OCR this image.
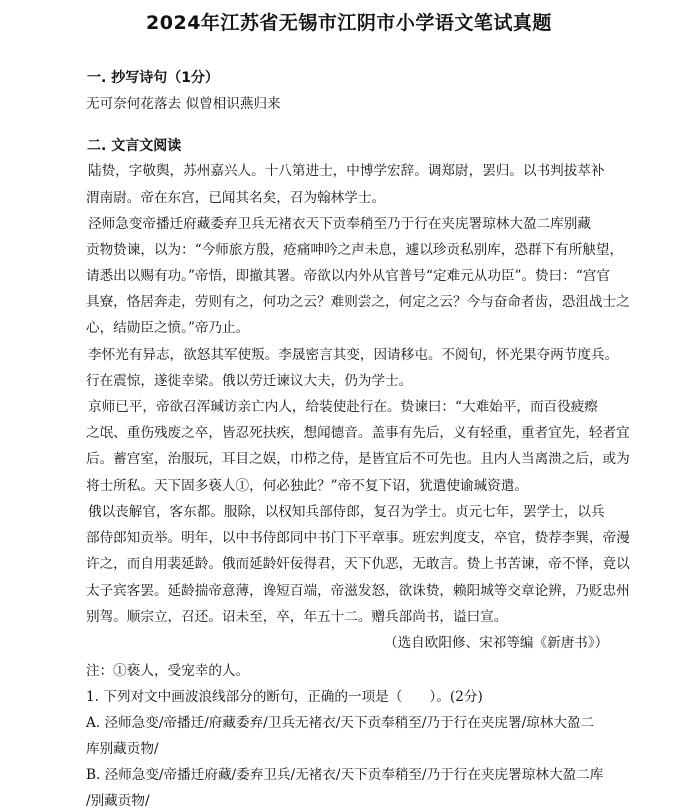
2024年江苏省无锡市江阴市小学语文笔试真题
一. 抄写诗句（1分）
无可奈何花落去 似曾相识燕归来
二. 文言文阅读
陆贽，字敬舆，苏州嘉兴人。十八第进士，中博学宏辞。调郑尉，罢归。以书判拔萃补
渭南尉。帝在东宫，已闻其名矣，召为翰林学士。
泾师急变帝播迁府藏委弃卫兵无褚衣天下贡奉稍至乃于行在夹庑署琼林大盈二库别藏
贡物贽谏，以为：“今师旅方殷，疮痛呻吟之声未息，遽以珍贡私别库，恐群下有所觖望，
请悉出以赐有功。”帝悟，即撤其署。帝欲以内外从官普号“定难元从功臣”。贽曰：“宫官
具寮，恪居奔走，劳则有之，何功之云？难则尝之，何定之云？今与奋命者齿，恐沮战士之
心，结勋臣之愤。”帝乃止。
李怀光有异志，欲怒其军使叛。李晟密言其变，因请移屯。不阅旬，怀光果夺两节度兵。
行在震惊，遂徙幸梁。俄以劳迁谏议大夫，仍为学士。
京师已平，帝欲召浑瑊访亲亡内人，给装使赴行在。贽谏曰：“大难始平，而百役疲瘵
之氓、重伤残废之卒，皆忍死扶疾，想闻德音。盖事有先后，义有轻重，重者宜先，轻者宜
后。蓄宫室，治服玩，耳目之娱，巾栉之侍，是皆宜后不可先也。且内人当离溃之后，或为
将士所私。天下固多亵人①，何必独此？”帝不复下诏，犹遣使谕瑊资遣。
俄以丧解官，客东都。服除，以权知兵部侍郎，复召为学士。贞元七年，罢学士，以兵
部侍郎知贡举。明年，以中书侍郎同中书门下平章事。班宏判度支，卒官，贽荐李巽，帝漫
许之，而自用裴延龄。俄而延龄奸佞得君，天下仇恶，无敢言。贽上书苦谏，帝不怿，竟以
太子宾客罢。延龄揣帝意薄，谗短百端，帝滋发怒，欲诛贽，赖阳城等交章论辨，乃贬忠州
别驾。顺宗立，召还。诏未至，卒，年五十二。赠兵部尚书，谥曰宣。
（选自欧阳修、宋祁等编《新唐书》）
注：①亵人，受宠幸的人。
1. 下列对文中画波浪线部分的断句，正确的一项是（　　）。(2分)
A. 泾师急变/帝播迁/府藏委弃/卫兵无褚衣/天下贡奉稍至/乃于行在夹庑署/琼林大盈二
库别藏贡物/
B. 泾师急变/帝播迁府藏/委弃卫兵/无褚衣/天下贡奉稍至/乃于行在夹庑署琼林大盈二库
/别藏贡物/
